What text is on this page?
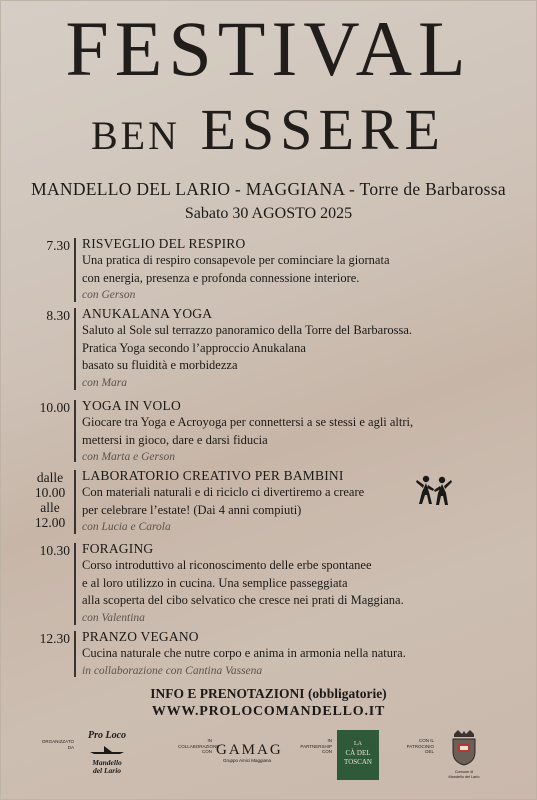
FESTIVAL
BEN ESSERE
MANDELLO DEL LARIO - MAGGIANA - Torre de Barbarossa
Sabato 30 AGOSTO 2025
7.30 RISVEGLIO DEL RESPIRO
Una pratica di respiro consapevole per cominciare la giornata
con energia, presenza e profonda connessione interiore.
con Gerson
8.30 ANUKALANA YOGA
Saluto al Sole sul terrazzo panoramico della Torre del Barbarossa.
Pratica Yoga secondo l’approccio Anukalana
basato su fluidità e morbidezza
con Mara
10.00 YOGA IN VOLO
Giocare tra Yoga e Acroyoga per connettersi a se stessi e agli altri,
mettersi in gioco, dare e darsi fiducia
con Marta e Gerson
dalle
10.00
alle
12.00
LABORATORIO CREATIVO PER BAMBINI
Con materiali naturali e di riciclo ci divertiremo a creare
per celebrare l’estate! (Dai 4 anni compiuti)
con Lucia e Carola
10.30 FORAGING
Corso introduttivo al riconoscimento delle erbe spontanee
e al loro utilizzo in cucina. Una semplice passeggiata
alla scoperta del cibo selvatico che cresce nei prati di Maggiana.
con Valentina
12.30 PRANZO VEGANO
Cucina naturale che nutre corpo e anima in armonia nella natura.
in collaborazione con Cantina Vassena
INFO E PRENOTAZIONI (obbligatorie)
WWW.PROLOCOMANDELLO.IT
ORGANIZZATO DA
Pro Loco
Mandello
del Lario
IN COLLABORAZIONE CON GAMAG
Gruppo Amici Maggiana
IN PARTNERSHIP CON
LA
CÀ DEL
TOSCAN
CON IL PATROCINIO DEL
Comune di
Mandello del Lario
